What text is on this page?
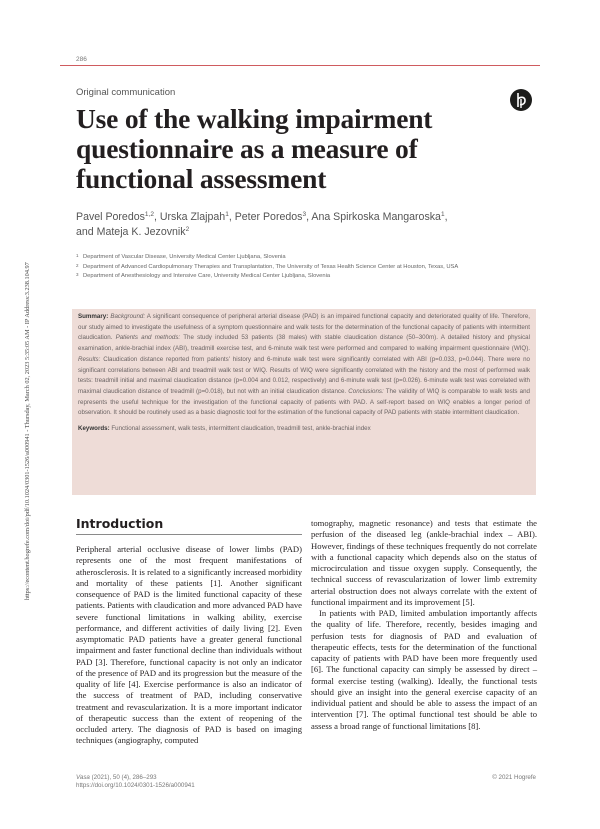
https://econtent.hogrefe.com/doi/pdf/10.1024/0301-1526/a000941 - Thursday, March 02, 2023 5:35:05 AM - IP Address:3.238.104.97
286
Original communication
Use of the walking impairment questionnaire as a measure of functional assessment
Pavel Poredos$^{1,2}$, Urska Zlajpah$^1$, Peter Poredos$^3$, Ana Spirkoska Mangaroska$^1$,
and Mateja K. Jezovnik$^2$
1 Department of Vascular Disease, University Medical Center Ljubljana, Slovenia
2 Department of Advanced Cardiopulmonary Therapies and Transplantation, The University of Texas Health Science Center at Houston, Texas, USA
3 Department of Anesthesiology and Intensive Care, University Medical Center Ljubljana, Slovenia

Summary: Background: A significant consequence of peripheral arterial disease (PAD) is an impaired functional capacity and deteriorated quality of life. Therefore, our study aimed to investigate the usefulness of a symptom questionnaire and walk tests for the determination of the functional capacity of patients with intermittent claudication. Patients and methods: The study included 53 patients (38 males) with stable claudication distance (50–300m). A detailed history and physical examination, ankle-brachial index (ABI), treadmill exercise test, and 6-minute walk test were performed and compared to walking impairment questionnaire (WIQ). Results: Claudication distance reported from patients' history and 6-minute walk test were significantly correlated with ABI (p=0.033, p=0.044). There were no significant correlations between ABI and treadmill walk test or WIQ. Results of WIQ were significantly correlated with the history and the most of performed walk tests: treadmill initial and maximal claudication distance (p=0.004 and 0.012, respectively) and 6-minute walk test (p=0.026). 6-minute walk test was correlated with maximal claudication distance of treadmill (p=0.018), but not with an initial claudication distance. Conclusions: The validity of WIQ is comparable to walk tests and represents the useful technique for the investigation of the functional capacity of patients with PAD. A self-report based on WIQ enables a longer period of observation. It should be routinely used as a basic diagnostic tool for the estimation of the functional capacity of PAD patients with stable intermittent claudication.

Keywords: Functional assessment, walk tests, intermittent claudication, treadmill test, ankle-brachial index

Introduction

Peripheral arterial occlusive disease of lower limbs (PAD) represents one of the most frequent manifestations of atherosclerosis. It is related to a significantly increased morbidity and mortality of these patients [1]. Another significant consequence of PAD is the limited functional capacity of these patients. Patients with claudication and more advanced PAD have severe functional limitations in walking ability, exercise performance, and different activities of daily living [2]. Even asymptomatic PAD patients have a greater general functional impairment and faster functional decline than individuals without PAD [3]. Therefore, functional capacity is not only an indicator of the presence of PAD and its progression but the measure of the quality of life [4]. Exercise performance is also an indicator of the success of treatment of PAD, including conservative treatment and revascularization. It is a more important indicator of therapeutic success than the extent of reopening of the occluded artery. The diagnosis of PAD is based on imaging techniques (angiography, computed

tomography, magnetic resonance) and tests that estimate the perfusion of the diseased leg (ankle-brachial index – ABI). However, findings of these techniques frequently do not correlate with a functional capacity which depends also on the status of microcirculation and tissue oxygen supply. Consequently, the technical success of revascularization of lower limb extremity arterial obstruction does not always correlate with the extent of functional impairment and its improvement [5].

In patients with PAD, limited ambulation importantly affects the quality of life. Therefore, recently, besides imaging and perfusion tests for diagnosis of PAD and evaluation of therapeutic effects, tests for the determination of the functional capacity of patients with PAD have been more frequently used [6]. The functional capacity can simply be assessed by direct – formal exercise testing (walking). Ideally, the functional tests should give an insight into the general exercise capacity of an individual patient and should be able to assess the impact of an intervention [7]. The optimal functional test should be able to assess a broad range of functional limitations [8].

Vasa (2021), 50 (4), 286–293
https://doi.org/10.1024/0301-1526/a000941
© 2021 Hogrefe
